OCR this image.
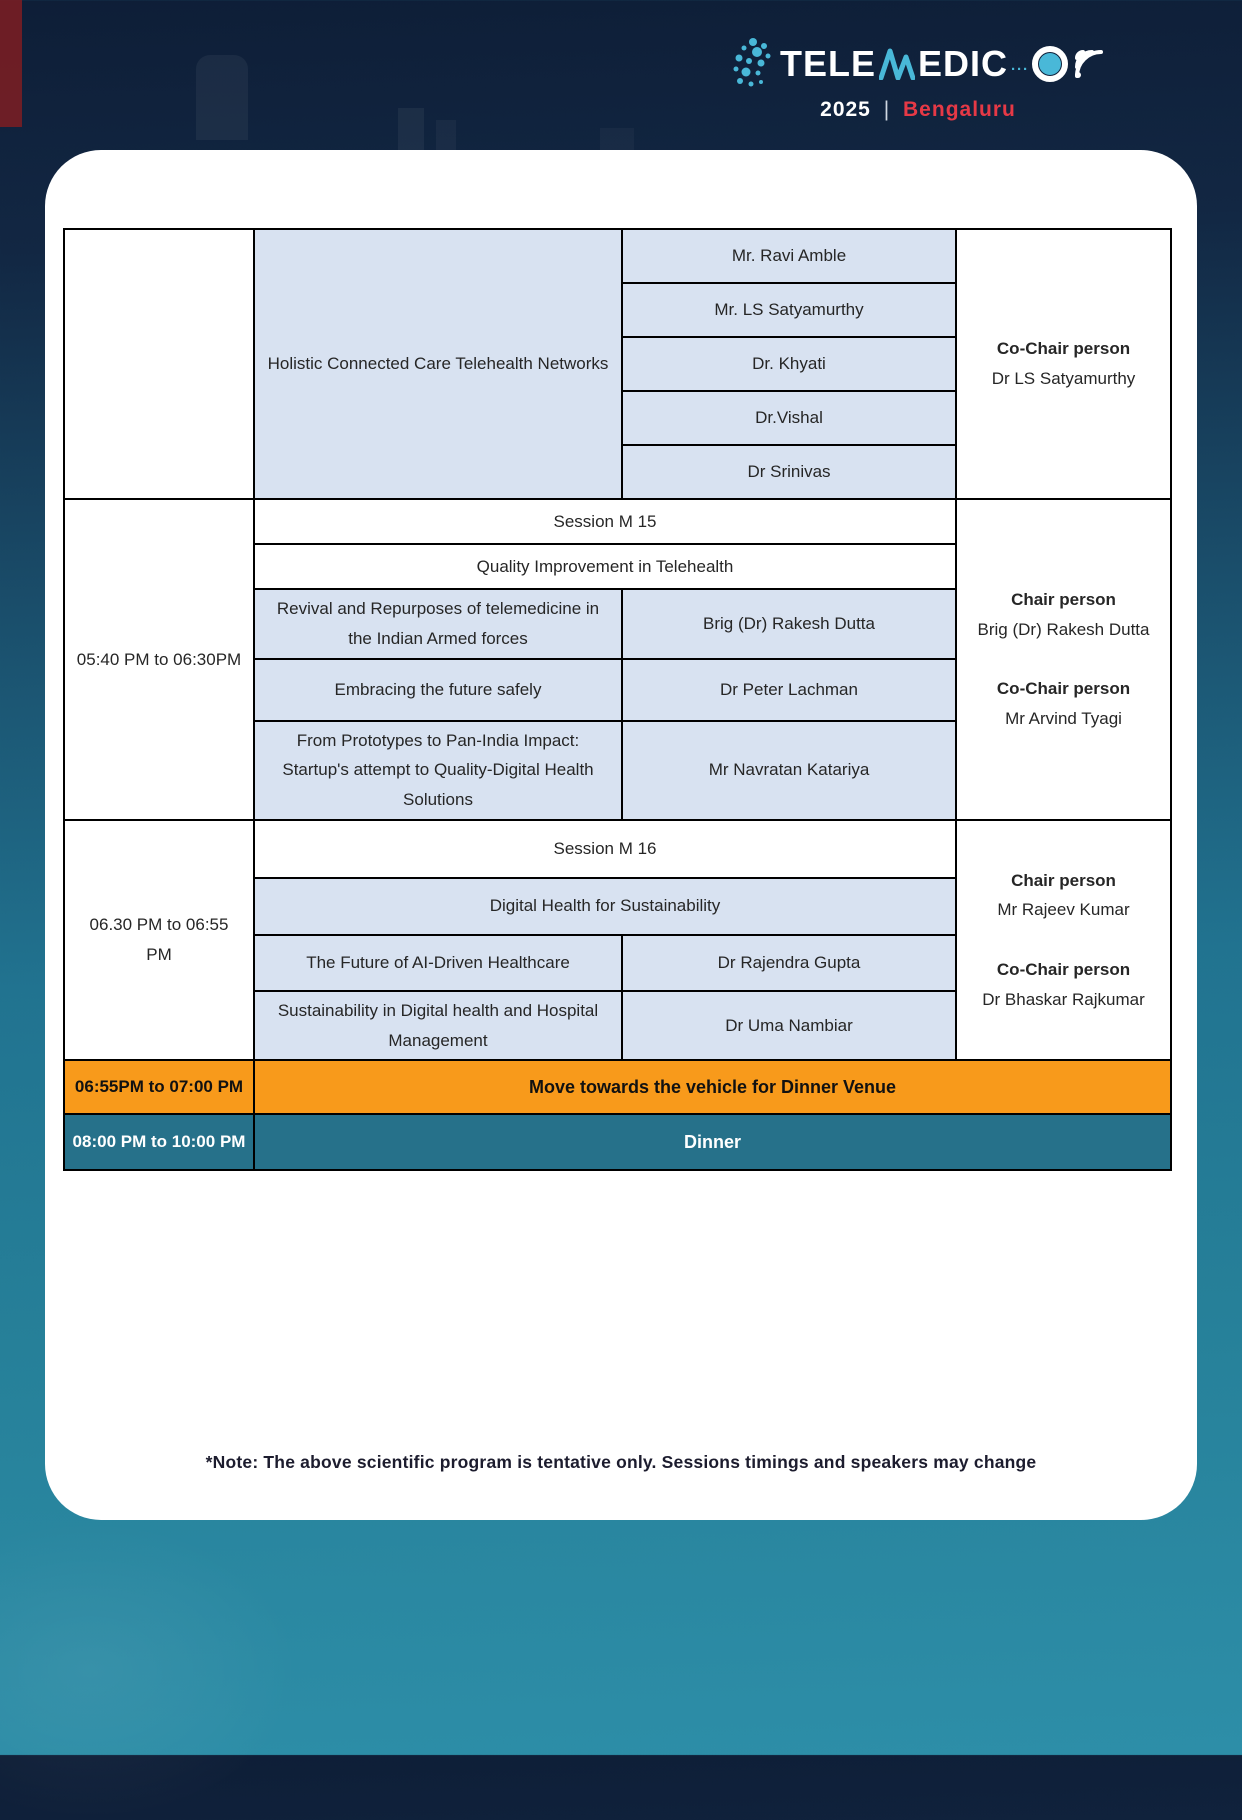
TELE EDIC ···
2025 | Bengaluru
	Holistic Connected Care Telehealth Networks	Mr. Ravi Amble	Co-Chair person
Dr LS Satyamurthy

		Mr. LS Satyamurthy	
		Dr. Khyati	
		Dr.Vishal	
		Dr Srinivas	
05:40 PM to 06:30PM	Session M 15		Chair person
Brig (Dr) Rakesh Dutta
Co-Chair person
Mr Arvind Tyagi

	Quality Improvement in Telehealth		
	Revival and Repurposes of telemedicine in the Indian Armed forces	Brig (Dr) Rakesh Dutta	
	Embracing the future safely	Dr Peter Lachman	
	From Prototypes to Pan-India Impact: Startup's attempt to Quality-Digital Health Solutions	Mr Navratan Katariya	
06.30 PM to 06:55 PM	Session M 16		Chair person
Mr Rajeev Kumar
Co-Chair person
Dr Bhaskar Rajkumar

	Digital Health for Sustainability		
	The Future of AI-Driven Healthcare	Dr Rajendra Gupta	
	Sustainability in Digital health and Hospital Management	Dr Uma Nambiar	
06:55PM to 07:00 PM	Move towards the vehicle for Dinner Venue		
08:00 PM to 10:00 PM	Dinner		
*Note: The above scientific program is tentative only. Sessions timings and speakers may change
